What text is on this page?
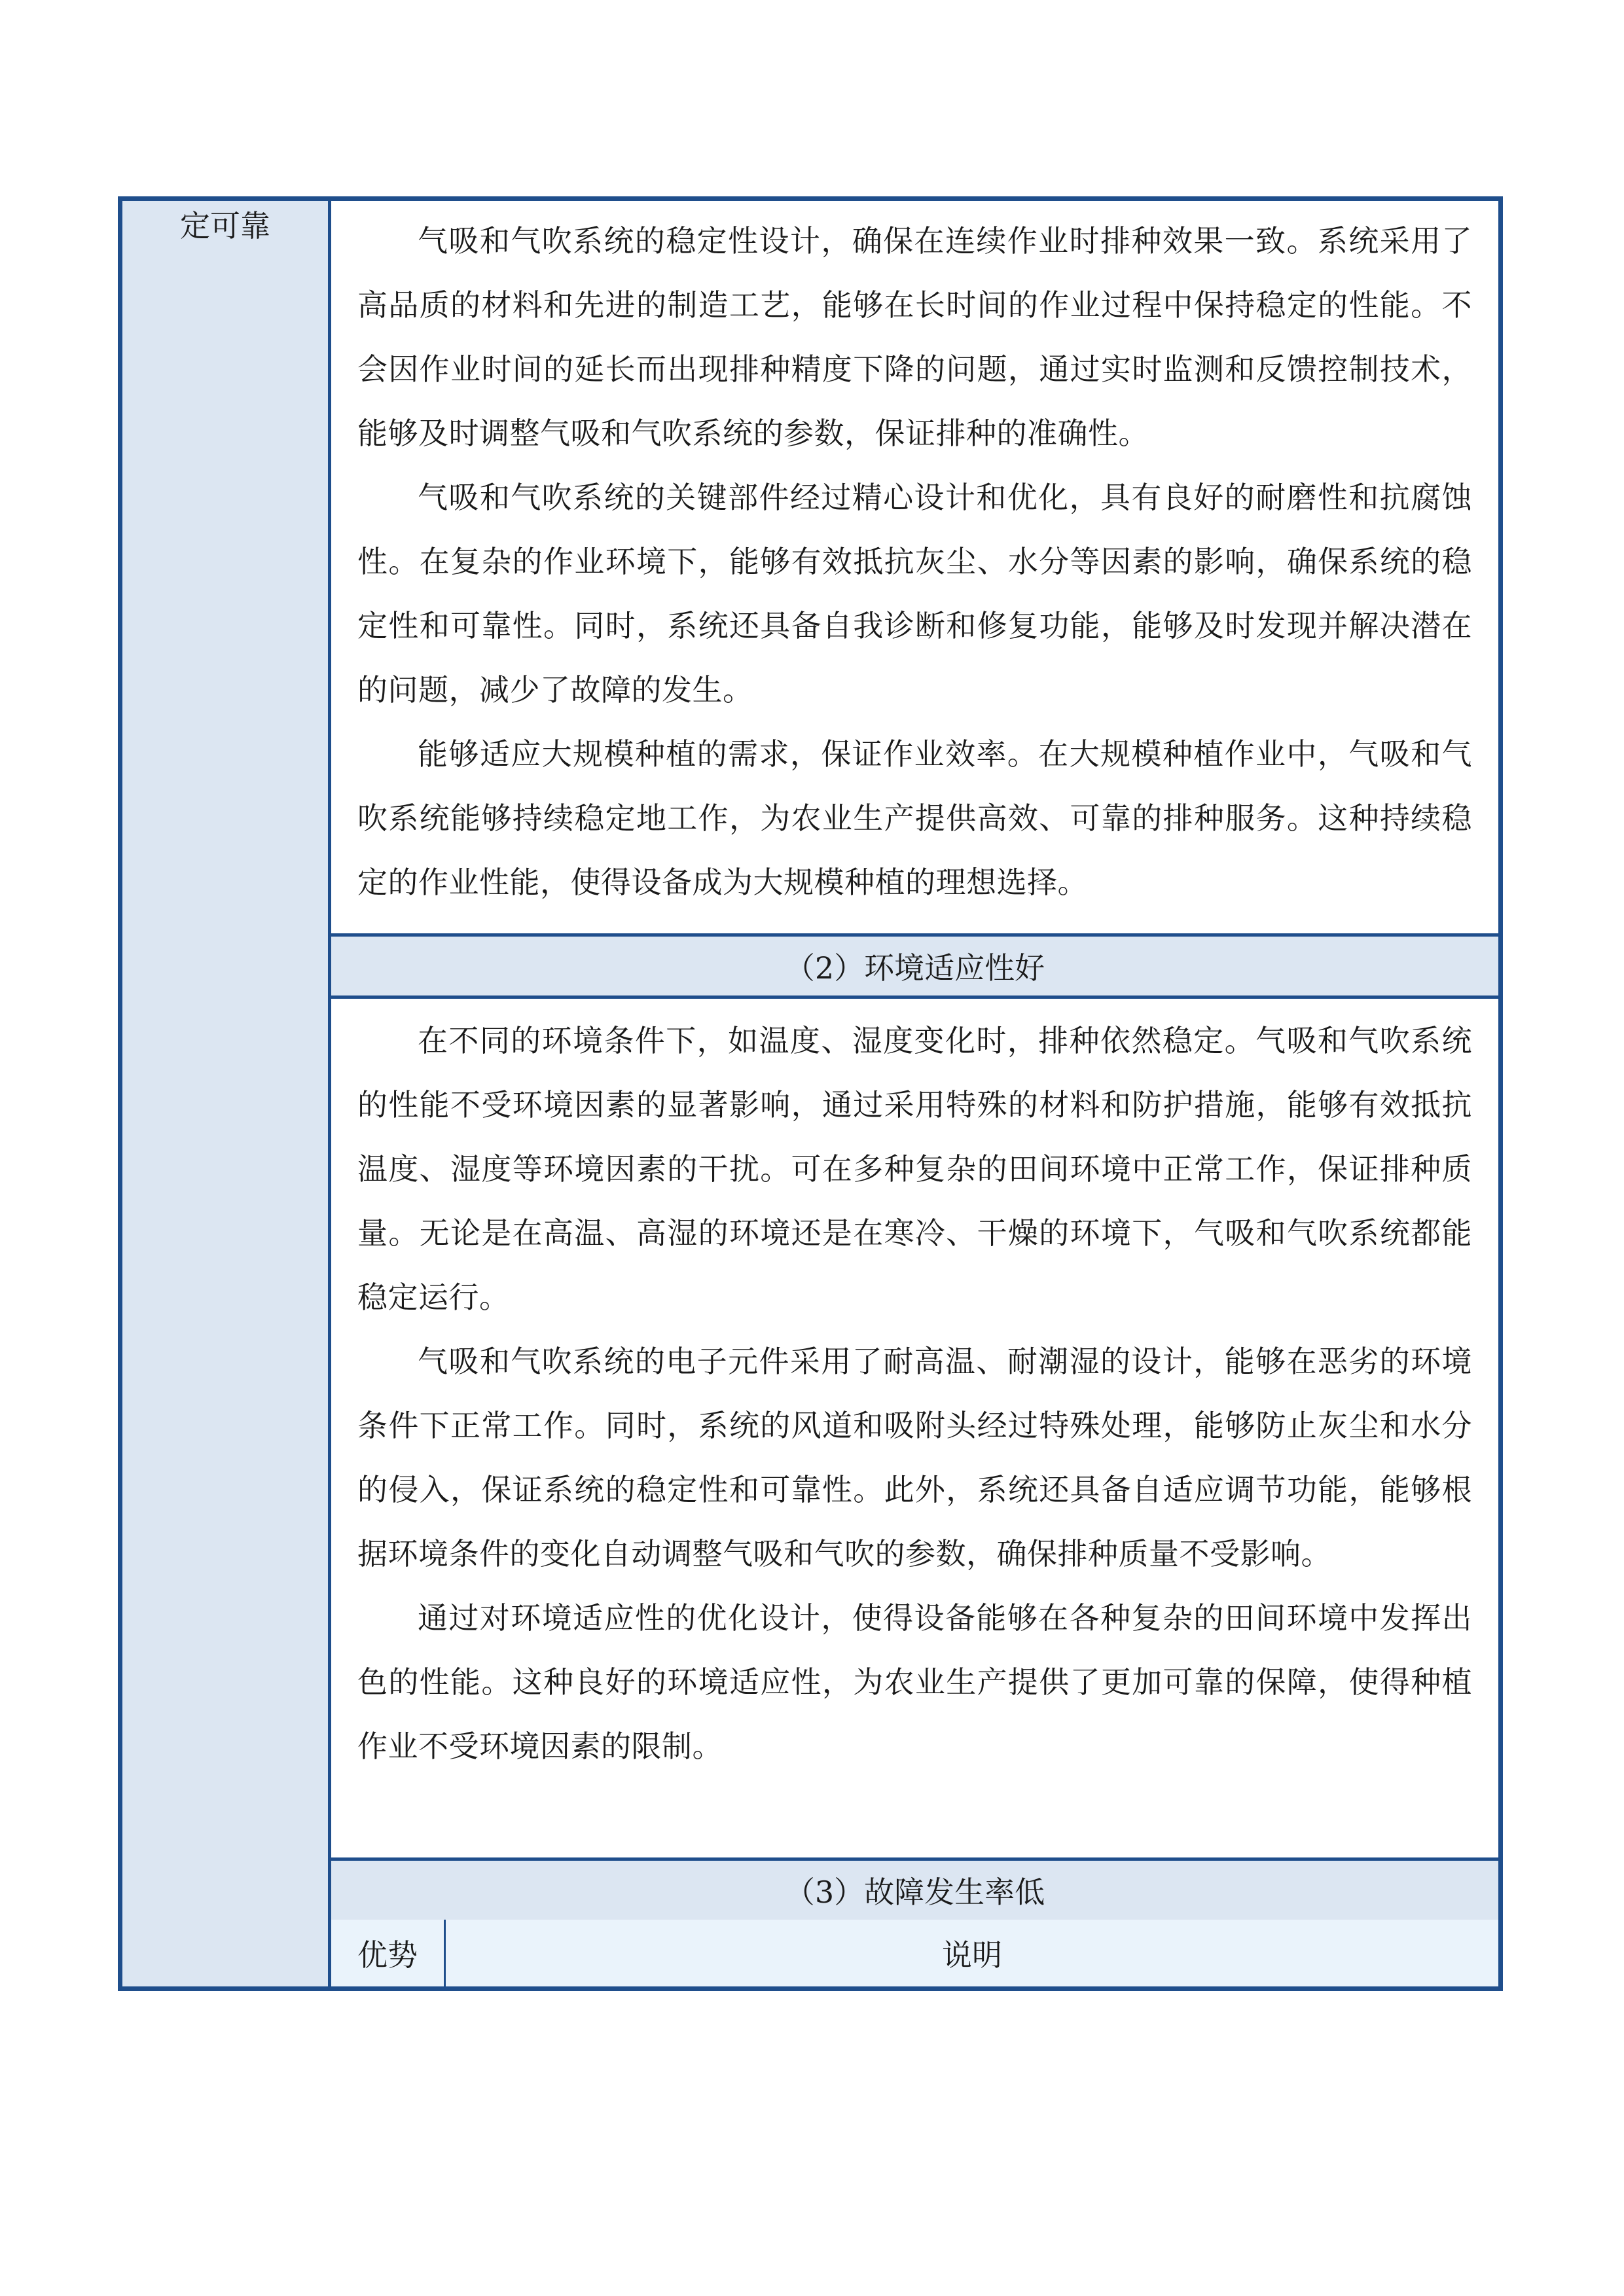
定可靠	气吸和气吹系统的稳定性设计，确保在连续作业时排种效果一致。系统采用了高品质的材料和先进的制造工艺，能够在长时间的作业过程中保持稳定的性能。不会因作业时间的延长而出现排种精度下降的问题，通过实时监测和反馈控制技术，能够及时调整气吸和气吹系统的参数，保证排种的准确性。

气吸和气吹系统的关键部件经过精心设计和优化，具有良好的耐磨性和抗腐蚀性。在复杂的作业环境下，能够有效抵抗灰尘、水分等因素的影响，确保系统的稳定性和可靠性。同时，系统还具备自我诊断和修复功能，能够及时发现并解决潜在的问题，减少了故障的发生。

能够适应大规模种植的需求，保证作业效率。在大规模种植作业中，气吸和气吹系统能够持续稳定地工作，为农业生产提供高效、可靠的排种服务。这种持续稳定的作业性能，使得设备成为大规模种植的理想选择。

（2）环境适应性好

在不同的环境条件下，如温度、湿度变化时，排种依然稳定。气吸和气吹系统的性能不受环境因素的显著影响，通过采用特殊的材料和防护措施，能够有效抵抗温度、湿度等环境因素的干扰。可在多种复杂的田间环境中正常工作，保证排种质量。无论是在高温、高湿的环境还是在寒冷、干燥的环境下，气吸和气吹系统都能稳定运行。

气吸和气吹系统的电子元件采用了耐高温、耐潮湿的设计，能够在恶劣的环境条件下正常工作。同时，系统的风道和吸附头经过特殊处理，能够防止灰尘和水分的侵入，保证系统的稳定性和可靠性。此外，系统还具备自适应调节功能，能够根据环境条件的变化自动调整气吸和气吹的参数，确保排种质量不受影响。

通过对环境适应性的优化设计，使得设备能够在各种复杂的田间环境中发挥出色的性能。这种良好的环境适应性，为农业生产提供了更加可靠的保障，使得种植作业不受环境因素的限制。

（3）故障发生率低
优势	说明
